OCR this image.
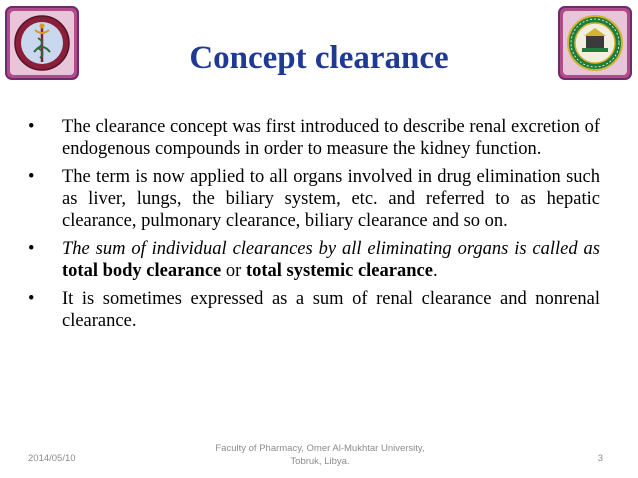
Concept clearance
• The clearance concept was first introduced to describe renal excretion of endogenous compounds in order to measure the kidney function.
• The term is now applied to all organs involved in drug elimination such as liver, lungs, the biliary system, etc. and referred to as hepatic clearance, pulmonary clearance, biliary clearance and so on.
• The sum of individual clearances by all eliminating organs is called as total body clearance or total systemic clearance.
• It is sometimes expressed as a sum of renal clearance and nonrenal clearance.
2014/05/10
Faculty of Pharmacy, Omer Al-Mukhtar University,
Tobruk, Libya.	3
